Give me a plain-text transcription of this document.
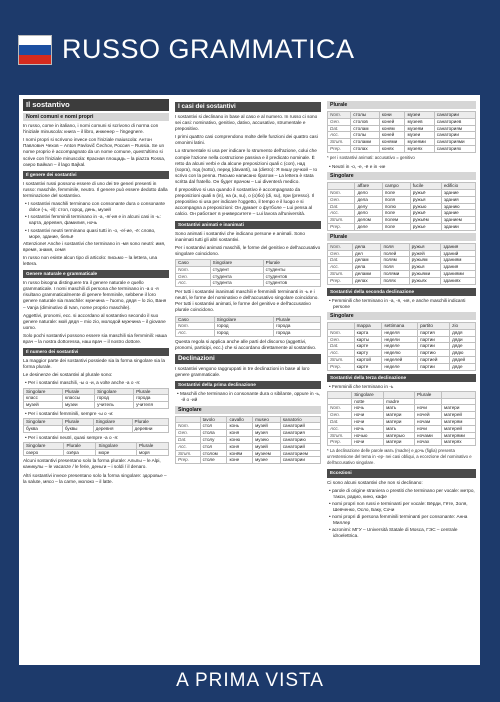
RUSSO GRAMMATICA
Il sostantivo
Nomi comuni e nomi propri
In russo, come in italiano, i nomi comuni si scrivono di norma con l'iniziale minuscola: книга – il libro, инженер – l'ingegnere.
I nomi propri si scrivono invece con l'iniziale maiuscola: Антон Павлович Чехов – Anton Pavlovič Čechov, Россия – Russia. Se un nome proprio è accompagnato da un nome comune, quest'ultimo si scrive con l'iniziale minuscola: Красная площадь – la piazza Rossa, озеро Байкал – il lago Bajkal.
Il genere dei sostantivi
I sostantivi russi possono essere di uno dei tre generi presenti in russo: maschile, femminile, neutro. Il genere può essere dedotto dalla terminazione del sostantivo.
• I sostantivi maschili terminano con consonante dura o consonante dolce (-ь, -й): стол, город, день, музей
• I sostantivi femminili terminano in -а, -я/-ия e in alcuni casi in -ь: карта, деревня, фамилия, ночь
• I sostantivi neutri terminano quasi tutti in -о, -е/-ие, -ё: слово, море, здание, бельё
Attenzione! Anche i sostantivi che terminano in -мя sono neutri: имя, время, знамя, семя
In russo non esiste alcun tipo di articolo: письмо – la lettera, una lettera.
Genere naturale e grammaticale
In russo bisogna distinguere tra il genere naturale e quello grammaticale. I nomi maschili di persona che terminano in -а o -я risultano grammaticalmente di genere femminile, sebbene il loro genere naturale sia maschile: мужчина – l'uomo, дядя – lo zio, Ваня – Vanja (diminutivo di Ivan, nome proprio maschile).
Aggettivi, pronomi, ecc. si accordano al sostantivo secondo il suo genere naturale: мой дядя – mio zio, молодой мужчина – il giovane uomo.
Solo pochi sostantivi possono essere sia maschili sia femminili: наша врач – la nostra dottoressa, наш врач – il nostro dottore.
Il numero dei sostantivi
La maggior parte dei sostantivi possiede sia la forma singolare sia la forma plurale.
Le desinenze dei sostantivi al plurale sono:
• Per i sostantivi maschili, -ы o -и, a volte anche -а o -я:
Singolare	Plurale	Singolare	Plurale
класс	классы	город	города
музей	музеи	учитель	учителя
• Per i sostantivi femminili, sempre -ы o -и:
Singolare	Plurale	Singolare	Plurale
буква	буквы	деревня	деревни
• Per i sostantivi neutri, quasi sempre -а o -я:
Singolare	Plurale	Singolare	Plurale
озеро	озёра	море	моря
Alcuni sostantivi presentano solo la forma plurale: Альпы – le Alpi, каникулы – le vacanze / le ferie, деньги – i soldi / il denaro.
Altri sostantivi invece presentano solo la forma singolare: здоровье – la salute, мясо – la carne, молоко – il latte.
I casi dei sostantivi
I sostantivi si declinano in base al caso e al numero. In russo ci sono sei casi: nominativo, genitivo, dativo, accusativo, strumentale e prepositivo.
I primi quattro casi comprendono molte delle funzioni dei quattro casi omonimi latini.
Lo strumentale si usa per indicare lo strumento dell'azione, colui che compie l'azione nella costruzione passiva e il predicato nominale. È retto da alcuni verbi e da alcune preposizioni quali с (con), над (sopra), под (sotto), перед (davanti), за (dietro): Я пишу ручкой – Io scrivo con la penna. Письмо написано братом – La lettera è stata scritta dal fratello. Он будет врачом – Lui diventerà medico.
Il prepositivo si usa quando il sostantivo è accompagnato da preposizioni quali в (in), на (a, su), о (о)бо) (di, su), при (presso). Il prepositivo si usa per indicare l'oggetto, il tempo e il luogo e si accompagna a preposizioni: Он думает о футболе – Lui pensa al calcio. Он работает в университете – Lui lavora all'università.
Sostantivi animati e inanimati
Sono animati i sostantivi che indicano persone e animali. Sono inanimati tutti gli altri sostantivi.
Per i sostantivi animati maschili, le forme del genitivo e dell'accusativo singolare coincidono.
Caso	Singolare	Plurale
Nom.	студент	студенты
Gen.	студента	студентов
Acc.	студента	студентов
Per tutti i sostantivi inanimati maschili e femminili terminanti in -ь e i neutri, le forme del nominativo e dell'accusativo singolare coincidono. Per tutti i sostantivi animati, le forme del genitivo e dell'accusativo plurale coincidono.
Caso	Singolare	Plurale
Nom.	город	города
Acc.	город	города
Questa regola si applica anche alle parti del discorso (aggettivi, pronomi, participi, ecc.) che si accordano direttamente al sostantivo.
Declinazioni
I sostantivi vengono raggruppati in tre declinazioni in base al loro genere grammaticale.
Sostantivi della prima declinazione
• Maschili che terminano in consonante dura o sibilante, oppure in -ь, -й o -ий
Singolare
	tavolo	cavallo	museo	sanatorio
Nom.	стол	конь	музей	санаторий
Gen.	стола	коня	музея	санатория
Dat.	столу	коню	музею	санаторию
Acc.	стол	коня	музей	санаторий
Strum.	столом	конём	музеем	санаторием
Prep.	столе	коне	музее	санатории
Plurale
Nom.	столы	кони	музеи	санатории
Gen.	столов	коней	музеев	санаториев
Dat.	столам	коням	музеям	санаториям
Acc.	столы	коней	музеи	санатории
Strum.	столами	конями	музеями	санаториями
Prep.	столах	конях	музеях	санаториях
* per i sostantivi animati: accusativo = genitivo
• Neutri in -о, -е, -ё e in -ие
Singolare
	affare	campo	fucile	edificio
Nom.	дело	поле	ружьё	здание
Gen.	дела	поля	ружья	здания
Dat.	делу	полю	ружью	зданию
Acc.	дело	поле	ружьё	здание
Strum.	делом	полем	ружьём	зданием
Prep.	деле	поле	ружье	здании
Plurale
Nom.	дела	поля	ружья	здания
Gen.	дел	полей	ружей	зданий
Dat.	делам	полям	ружьям	зданиям
Acc.	дела	поля	ружья	здания
Strum.	делами	полями	ружьями	зданиями
Prep.	делах	полях	ружьях	зданиях
Sostantivi della seconda declinazione
• Femminili che terminano in -а, -я, -ия, e anche maschili indicanti persone
Singolare
	mappa	settimana	partito	zio
Nom.	карта	неделя	партия	дядя
Gen.	карты	недели	партии	дяди
Dat.	карте	неделе	партии	дяде
Acc.	карту	неделю	партию	дядю
Strum.	картой	неделей	партией	дядей
Prep.	карте	неделе	партии	дяде
Sostantivi della terza declinazione
• Femminili che terminano in -ь
	Singolare		Plurale	
	notte	madre		
Nom.	ночь	мать	ночи	матери
Gen.	ночи	матери	ночей	матерей
Dat.	ночи	матери	ночам	матерям
Acc.	ночь	мать	ночи	матерей
Strum.	ночью	матерью	ночами	матерями
Prep.	ночи	матери	ночах	матерях
* La declinazione delle parole мать (madre) e дочь (figlia) presenta un'estensione del tema in -ер- nei casi obliqui, a eccezione del nominativo e dell'accusativo singolare.
Eccezioni
Ci sono alcuni sostantivi che non si declinano:
• parole di origine straniera o prestiti che terminano per vocale: метро, такси, радио, кино, кафе
• nomi propri non russi e terminanti per vocale: Вёрди, Гёте, Золя, Шевченко, Осло, Баку, Сочи
• nomi propri di persona femminili terminanti per consonante: Анна Миллер
• acronimi: МГУ – Università Statale di Mosca, ГЭС – centrale idroelettrica.
A PRIMA VISTA
